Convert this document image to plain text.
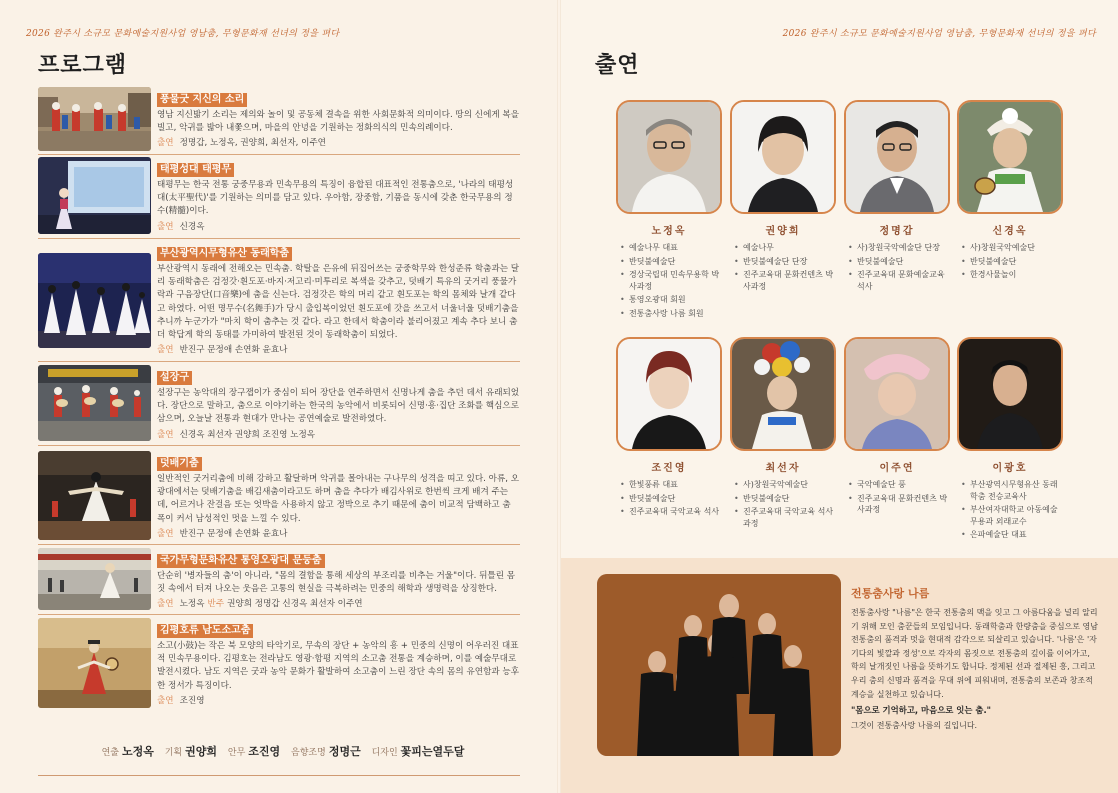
2026 완주시 소규모 문화예술지원사업 영남춤, 무형문화재 선녀의 정을 펴다
프로그램
풍물굿 지신의 소리
영남 지신밟기 소리는 제의와 놀이 및 공동체 결속을 위한 사회문화적 의미이다. 땅의 신에게 복을 빌고, 악귀를 밟아 내쫓으며, 마을의 안녕을 기원하는 정화의식의 민속의례이다.
출연 정명갑, 노정옥, 권양희, 최선자, 이주연
태평성대 태평무
태평무는 한국 전통 궁중무용과 민속무용의 특징이 융합된 대표적인 전통춤으로, '나라의 태평성대(太平聖代)'를 기원하는 의미를 담고 있다. 우아함, 장중함, 기품을 동시에 갖춘 한국무용의 정수(精髓)이다.
출연 신경옥
부산광역시무형유산 동래학춤
부산광역시 동래에 전해오는 민속춤. 학탈을 은유에 뒤집어쓰는 궁중학무와 한성준류 학춤과는 달리 동래학춤은 검정갓·흰도포·바지·저고리·미투리로 복색을 갖추고, 덧배기 특유의 굿거리 풍물가락과 구음장단(口音樂)에 춤을 신는다. 검정갓은 학의 머리 같고 흰도포는 학의 몸체와 날개 같다고 하였다. 어떤 명무수(名舞手)가 당시 출입복이었던 흰도포에 갓을 쓰고서 너울너울 덧배기춤을 추니까 누군가가 "마치 학이 춤추는 것 같다. 라고 한데서 학춤이라 불리어졌고 계속 추다 보니 춤 더 학답게 학의 동태를 가미하여 발전된 것이 동래학춤이 되었다.
출연 반진구 문정애 손연화 윤효나
설장구
설장구는 농악대의 장구잽이가 중심이 되어 장단을 연주하면서 신명나게 춤을 추던 데서 유래되었다. 장단으로 말하고, 춤으로 이야기하는 한국의 농악에서 비롯되어 신명·흥·집단 조화를 핵심으로 삼으며, 오늘날 전통과 현대가 만나는 공연예술로 발전하였다.
출연 신경옥 최선자 권양희 조진영 노정옥
덧배기춤
일반적인 굿거리춤에 비해 강하고 활달하며 악귀를 몰아내는 구나무의 성격을 띠고 있다. 아류, 오광대에서는 덧배기춤을 배김새춤이라고도 하며 춤을 추다가 배김사위로 한번씩 크게 배겨 주는 데, 어르거나 잔걸음 또는 엇박을 사용하지 않고 정박으로 추기 때문에 춤이 비교적 담백하고 춤 폭이 커서 남성적인 멋을 느낄 수 있다.
출연 반진구 문정애 손연화 윤효나
국가무형문화유산 통영오광대 문둥춤
단순히 '병자들의 춤'이 아니라, "몸의 결함을 통해 세상의 부조리를 비추는 거울"이다. 뒤틀린 몸짓 속에서 터져 나오는 웃음은 고통의 현실을 극복하려는 민중의 해학과 생명력을 상징한다.
출연 노정옥 반주 권양희 정명갑 신경옥 최선자 이주연
김평호류 남도소고춤
소고(小鼓)는 작은 북 모양의 타악기로, 무속의 장단 + 농악의 흥 + 민중의 신명이 어우러진 대표적 민속무용이다. 김평호는 전라남도 영광·함평 지역의 소고춤 전통을 계승하며, 이를 예술무대로 발전시켰다. 남도 지역은 굿과 농악 문화가 활발하여 소고춤이 느린 장단 속의 몸의 유연함과 능후한 정서가 특징이다.
출연 조진영
연출 노정옥 기획 권양희 안무 조진영 음향조명 정명근 디자인 꽃피는열두달
2026 완주시 소규모 문화예술지원사업 영남춤, 무형문화재 선녀의 정을 펴다
출연
노정옥
• 예술나무 대표
• 반딧불예술단
• 경상국립대 민속무용학 박사과정
• 통영오광대 회원
• 전통춤사랑 나름 회원
권양희
• 예술나무
• 반딧불예술단 단장
• 진주교육대 문화컨텐츠 박사과정
정명갑
• 사)창원국악예술단 단장
• 반딧불예술단
• 진주교육대 문화예술교육 석사
신경옥
• 사)창원국악예술단
• 반딧불예술단
• 한경사물놀이
조진영
• 한빛풍류 대표
• 반딧불예술단
• 진주교육대 국악교육 석사
최선자
• 사)창원국악예술단
• 반딧불예술단
• 진주교육대 국악교육 석사과정
이주연
• 국악예술단 풍
• 진주교육대 문화컨텐츠 박사과정
이광호
• 부산광역시무형유산 동래학춤 전승교육사
• 부산여자대학교 아동예술 무용과 외래교수
• 은파예술단 대표
전통춤사랑 나름
전통춤사랑 "나름"은 한국 전통춤의 맥을 잇고 그 아름다움을 널리 알리기 위해 모인 춤꾼들의 모임입니다. 동래학춤과 한량춤을 중심으로 영남 전통춤의 품격과 멋을 현대적 감각으로 되살리고 있습니다. '나름'은 '자기다의 빛깔과 정성'으로 각자의 몸짓으로 전통춤의 깊이를 이어가고, 학의 날개짓인 나름을 뜻하기도 합니다. 정제된 선과 절제된 흥, 그리고 우리 춤의 신명과 품격을 무대 위에 피워내며, 전통춤의 보존과 창조적 계승을 실천하고 있습니다.
"몸으로 기억하고, 마음으로 잇는 춤."
그것이 전통춤사랑 나름의 길입니다.
